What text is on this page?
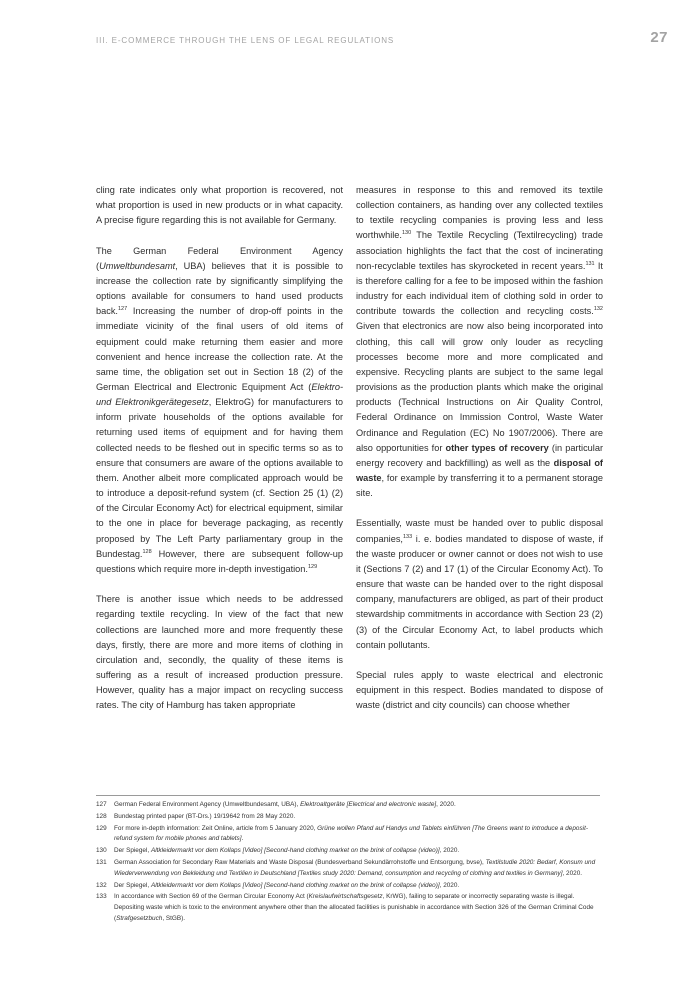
III. E-COMMERCE THROUGH THE LENS OF LEGAL REGULATIONS	27

cling rate indicates only what proportion is recovered, not what proportion is used in new products or in what capacity. A precise figure regarding this is not available for Germany.

The German Federal Environment Agency (Umweltbundesamt, UBA) believes that it is possible to increase the collection rate by significantly simplifying the options available for consumers to hand used products back.$^{127}$ Increasing the number of drop-off points in the immediate vicinity of the final users of old items of equipment could make returning them easier and more convenient and hence increase the collection rate. At the same time, the obligation set out in Section 18 (2) of the German Electrical and Electronic Equipment Act (Elektro- und Elektronikgerätegesetz, ElektroG) for manufacturers to inform private households of the options available for returning used items of equipment and for having them collected needs to be fleshed out in specific terms so as to ensure that consumers are aware of the options available to them. Another albeit more complicated approach would be to introduce a deposit-refund system (cf. Section 25 (1) (2) of the Circular Economy Act) for electrical equipment, similar to the one in place for beverage packaging, as recently proposed by The Left Party parliamentary group in the Bundestag.$^{128}$ However, there are subsequent follow-up questions which require more in-depth investigation.$^{129}$

There is another issue which needs to be addressed regarding textile recycling. In view of the fact that new collections are launched more and more frequently these days, firstly, there are more and more items of clothing in circulation and, secondly, the quality of these items is suffering as a result of increased production pressure. However, quality has a major impact on recycling success rates. The city of Hamburg has taken appropriate

measures in response to this and removed its textile collection containers, as handing over any collected textiles to textile recycling companies is proving less and less worthwhile.$^{130}$ The Textile Recycling (Textilrecycling) trade association highlights the fact that the cost of incinerating non-recyclable textiles has skyrocketed in recent years.$^{131}$ It is therefore calling for a fee to be imposed within the fashion industry for each individual item of clothing sold in order to contribute towards the collection and recycling costs.$^{132}$ Given that electronics are now also being incorporated into clothing, this call will grow only louder as recycling processes become more and more complicated and expensive. Recycling plants are subject to the same legal provisions as the production plants which make the original products (Technical Instructions on Air Quality Control, Federal Ordinance on Immission Control, Waste Water Ordinance and Regulation (EC) No 1907/2006). There are also opportunities for other types of recovery (in particular energy recovery and backfilling) as well as the disposal of waste, for example by transferring it to a permanent storage site.

Essentially, waste must be handed over to public disposal companies,$^{133}$ i. e. bodies mandated to dispose of waste, if the waste producer or owner cannot or does not wish to use it (Sections 7 (2) and 17 (1) of the Circular Economy Act). To ensure that waste can be handed over to the right disposal company, manufacturers are obliged, as part of their product stewardship commitments in accordance with Section 23 (2) (3) of the Circular Economy Act, to label products which contain pollutants.

Special rules apply to waste electrical and electronic equipment in this respect. Bodies mandated to dispose of waste (district and city councils) can choose whether

127	German Federal Environment Agency (Umweltbundesamt, UBA), Elektroaltgeräte [Electrical and electronic waste], 2020.
128	Bundestag printed paper (BT-Drs.) 19/19642 from 28 May 2020.
129	For more in-depth information: Zeit Online, article from 5 January 2020, Grüne wollen Pfand auf Handys und Tablets einführen [The Greens want to introduce a deposit-refund system for mobile phones and tablets].
130	Der Spiegel, Altkleidermarkt vor dem Kollaps [Video] [Second-hand clothing market on the brink of collapse (video)], 2020.
131	German Association for Secondary Raw Materials and Waste Disposal (Bundesverband Sekundärrohstoffe und Entsorgung, bvse), Textilstudie 2020: Bedarf, Konsum und Wiederverwendung von Bekleidung und Textilien in Deutschland [Textiles study 2020: Demand, consumption and recycling of clothing and textiles in Germany], 2020.
132	Der Spiegel, Altkleidermarkt vor dem Kollaps [Video] [Second-hand clothing market on the brink of collapse (video)], 2020.
133	In accordance with Section 69 of the German Circular Economy Act (Kreislaufwirtschaftsgesetz, KrWG), failing to separate or incorrectly separating waste is illegal. Depositing waste which is toxic to the environment anywhere other than the allocated facilities is punishable in accordance with Section 326 of the German Criminal Code (Strafgesetzbuch, StGB).
